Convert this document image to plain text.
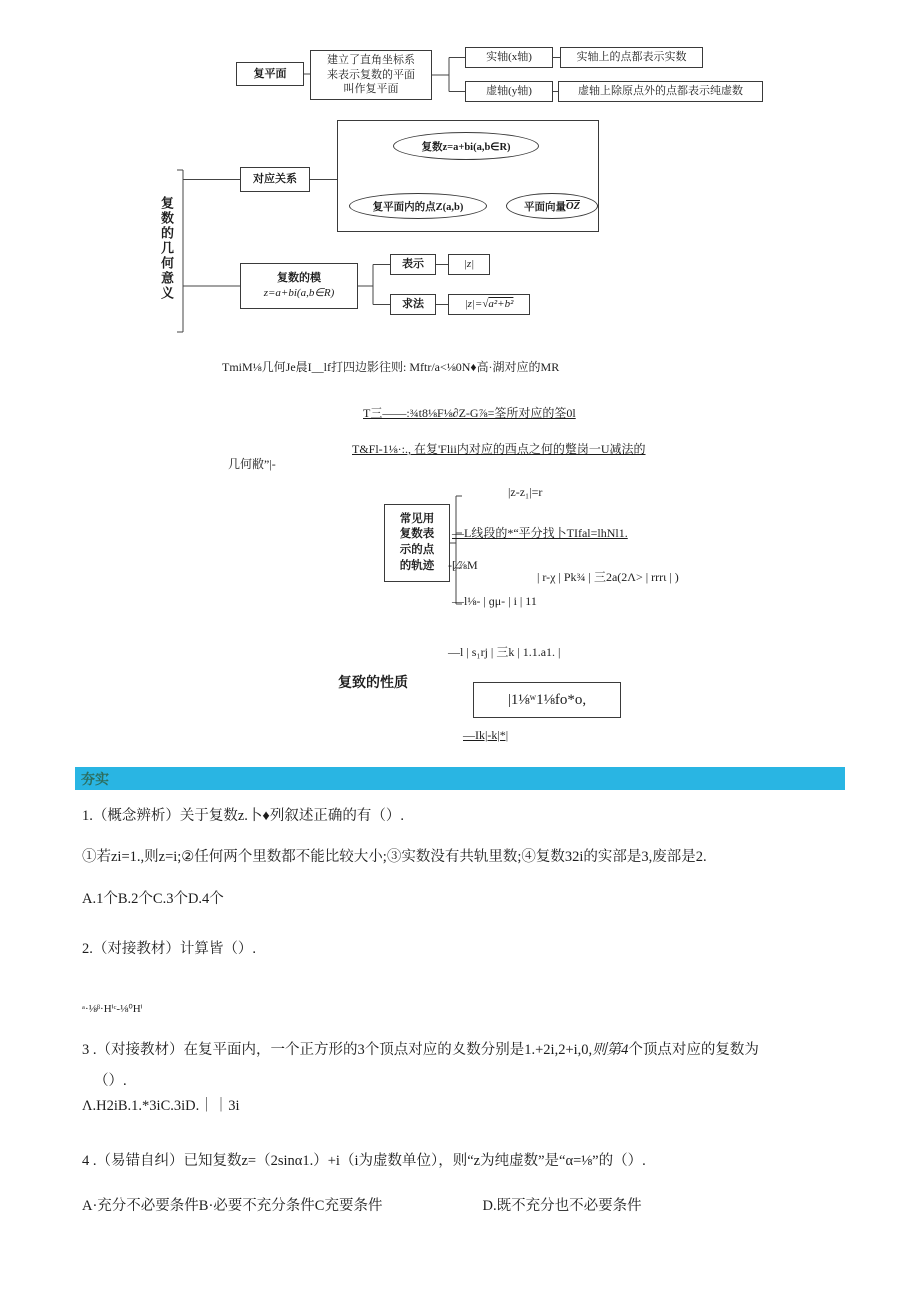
复数的几何意义
复平面
建立了直角坐标系
来表示复数的平面
叫作复平面
实轴(x轴)	实轴上的点都表示实数
虚轴(y轴)	虚轴上除原点外的点都表示纯虚数
对应关系
复数z=a+bi(a,b∈R)
复平面内的点Z(a,b)	平面向量 $\overline{OZ}$
复数的模
z=a+bi(a,b∈R)
表示	|z|
求法	|z|=√ a²+b²
TmiM⅛几何Je晨I__lf打四边影往则: Mftr/a<⅛0N♦高·湖对应的MR
T三——:¾t8⅛F⅛∂Z-G⅞=筌所对应的筌0l
T&Fl-1⅛·:., 在复'Flii内对应的西点之何的蹩岗一U减法的
几何敝”|-
常见用
复数表
示的点
的轨迹
|z-z₁|=r
—L线段的*“平分找卜TIfal=lhNl1.
-[∕⅞M
| r-χ | Pk¾ | 三2a(2Λ> | rrrι | )
—l⅛- | ɡμ- | i | 11
—l | s₁rj | 三k | 1.1.a1. |
复致的性质
|1⅛ʷ1⅛fo*o,
—Ik|-k|*|
夯实
1.（概念辨析）关于复数z.卜♦列叙述正确的有（）.
①若zi=1.,则z=i;②任何两个里数都不能比较大小;③实数没有共轨里数;④复数32i的实部是3,废部是2.
A.1个B.2个C.3个D.4个
2.（对接教材）计算皆（）.
ᵃ·⅛ᵝ·Hⁱᶜ-⅛⁰Hⁱ
3 .（对接教材）在复平面内，一个正方形的3个顶点对应的夊数分别是1.+2i,2+i,0,则第4个顶点对应的复数为
（）.
Λ.H2iB.1.*3iC.3iD.｜｜3i
4 .（易错自纠）已知复数z=（2sinα1.）+i（i为虚数单位），则“z为纯虚数”是“α=⅛”的（）.
A·充分不必要条件B·必要不充分条件C充要条件	D.既不充分也不必要条件
